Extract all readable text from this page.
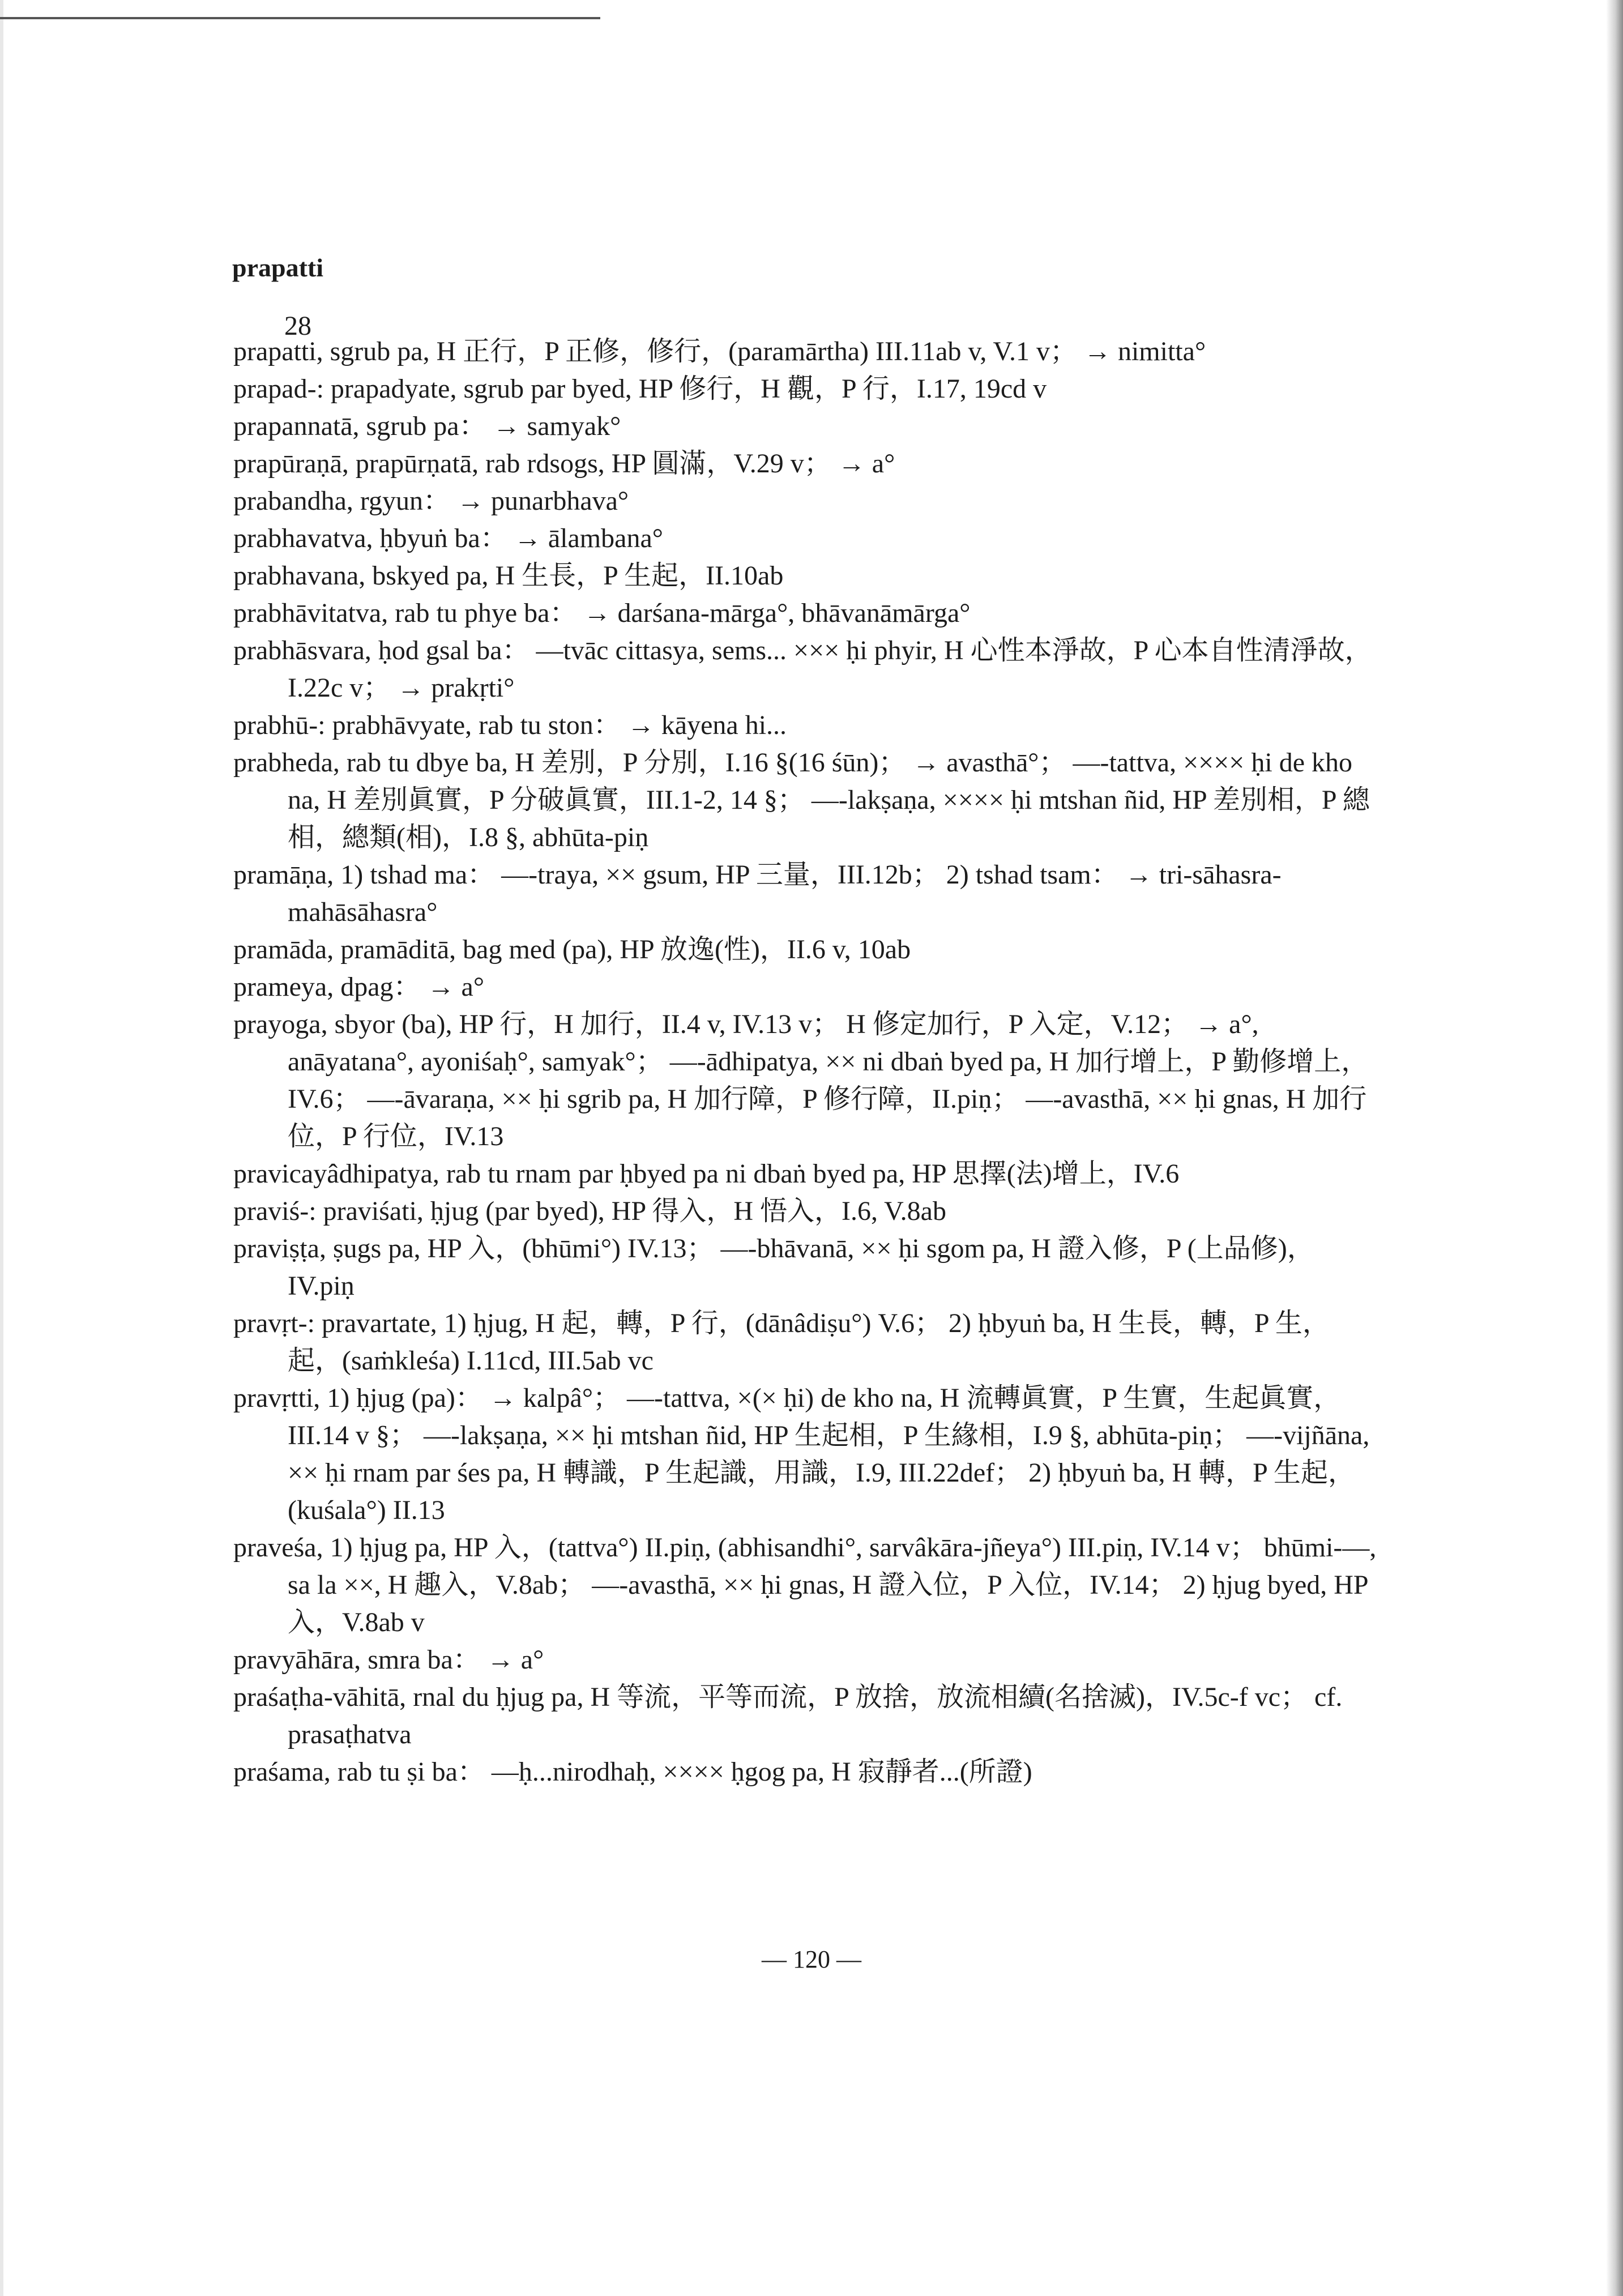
prapatti
28

prapatti, sgrub pa, H 正行，P 正修，修行，(paramārtha) III.11ab v, V.1 v； → nimitta°

prapad-: prapadyate, sgrub par byed, HP 修行，H 觀，P 行，I.17, 19cd v

prapannatā, sgrub pa： → samyak°

prapūraṇā, prapūrṇatā, rab rdsogs, HP 圓滿，V.29 v； → a°

prabandha, rgyun： → punarbhava°

prabhavatva, ḥbyuṅ ba： → ālambana°

prabhavana, bskyed pa, H 生長，P 生起，II.10ab

prabhāvitatva, rab tu phye ba： → darśana-mārga°, bhāvanāmārga°

prabhāsvara, ḥod gsal ba： —tvāc cittasya, sems... ××× ḥi phyir, H 心性本淨故，P 心本自性清淨故，I.22c v； → prakṛti°

prabhū-: prabhāvyate, rab tu ston： → kāyena hi...

prabheda, rab tu dbye ba, H 差別，P 分別，I.16 §(16 śūn)； → avasthā°； —-tattva, ×××× ḥi de kho na, H 差別眞實，P 分破眞實，III.1-2, 14 §； —-lakṣaṇa, ×××× ḥi mtshan ñid, HP 差別相，P 總相，總類(相)，I.8 §, abhūta-piṇ

pramāṇa, 1) tshad ma： —-traya, ×× gsum, HP 三量，III.12b； 2) tshad tsam： → tri-sāhasra-mahāsāhasra°

pramāda, pramāditā, bag med (pa), HP 放逸(性)，II.6 v, 10ab

prameya, dpag： → a°

prayoga, sbyor (ba), HP 行，H 加行，II.4 v, IV.13 v； H 修定加行，P 入定，V.12； → a°, anāyatana°, ayoniśaḥ°, samyak°； —-ādhipatya, ×× ni dbaṅ byed pa, H 加行增上，P 勤修增上，IV.6； —-āvaraṇa, ×× ḥi sgrib pa, H 加行障，P 修行障，II.piṇ； —-avasthā, ×× ḥi gnas, H 加行位，P 行位，IV.13

pravicayâdhipatya, rab tu rnam par ḥbyed pa ni dbaṅ byed pa, HP 思擇(法)增上，IV.6

praviś-: praviśati, ḥjug (par byed), HP 得入，H 悟入，I.6, V.8ab

praviṣṭa, ṣugs pa, HP 入，(bhūmi°) IV.13； —-bhāvanā, ×× ḥi sgom pa, H 證入修，P (上品修)，IV.piṇ

pravṛt-: pravartate, 1) ḥjug, H 起，轉，P 行，(dānâdiṣu°) V.6； 2) ḥbyuṅ ba, H 生長，轉，P 生，起，(saṁkleśa) I.11cd, III.5ab vc

pravṛtti, 1) ḥjug (pa)： → kalpâ°； —-tattva, ×(× ḥi) de kho na, H 流轉眞實，P 生實，生起眞實，III.14 v §； —-lakṣaṇa, ×× ḥi mtshan ñid, HP 生起相，P 生緣相，I.9 §, abhūta-piṇ； —-vijñāna, ×× ḥi rnam par śes pa, H 轉識，P 生起識，用識，I.9, III.22def； 2) ḥbyuṅ ba, H 轉，P 生起，(kuśala°) II.13

praveśa, 1) ḥjug pa, HP 入，(tattva°) II.piṇ, (abhisandhi°, sarvâkāra-jñeya°) III.piṇ, IV.14 v； bhūmi-—, sa la ××, H 趣入，V.8ab； —-avasthā, ×× ḥi gnas, H 證入位，P 入位，IV.14； 2) ḥjug byed, HP 入，V.8ab v

pravyāhāra, smra ba： → a°

praśaṭha-vāhitā, rnal du ḥjug pa, H 等流，平等而流，P 放捨，放流相續(名捨滅)，IV.5c-f vc； cf. prasaṭhatva

praśama, rab tu ṣi ba： —ḥ...nirodhaḥ, ×××× ḥgog pa, H 寂靜者...(所證)

— 120 —
